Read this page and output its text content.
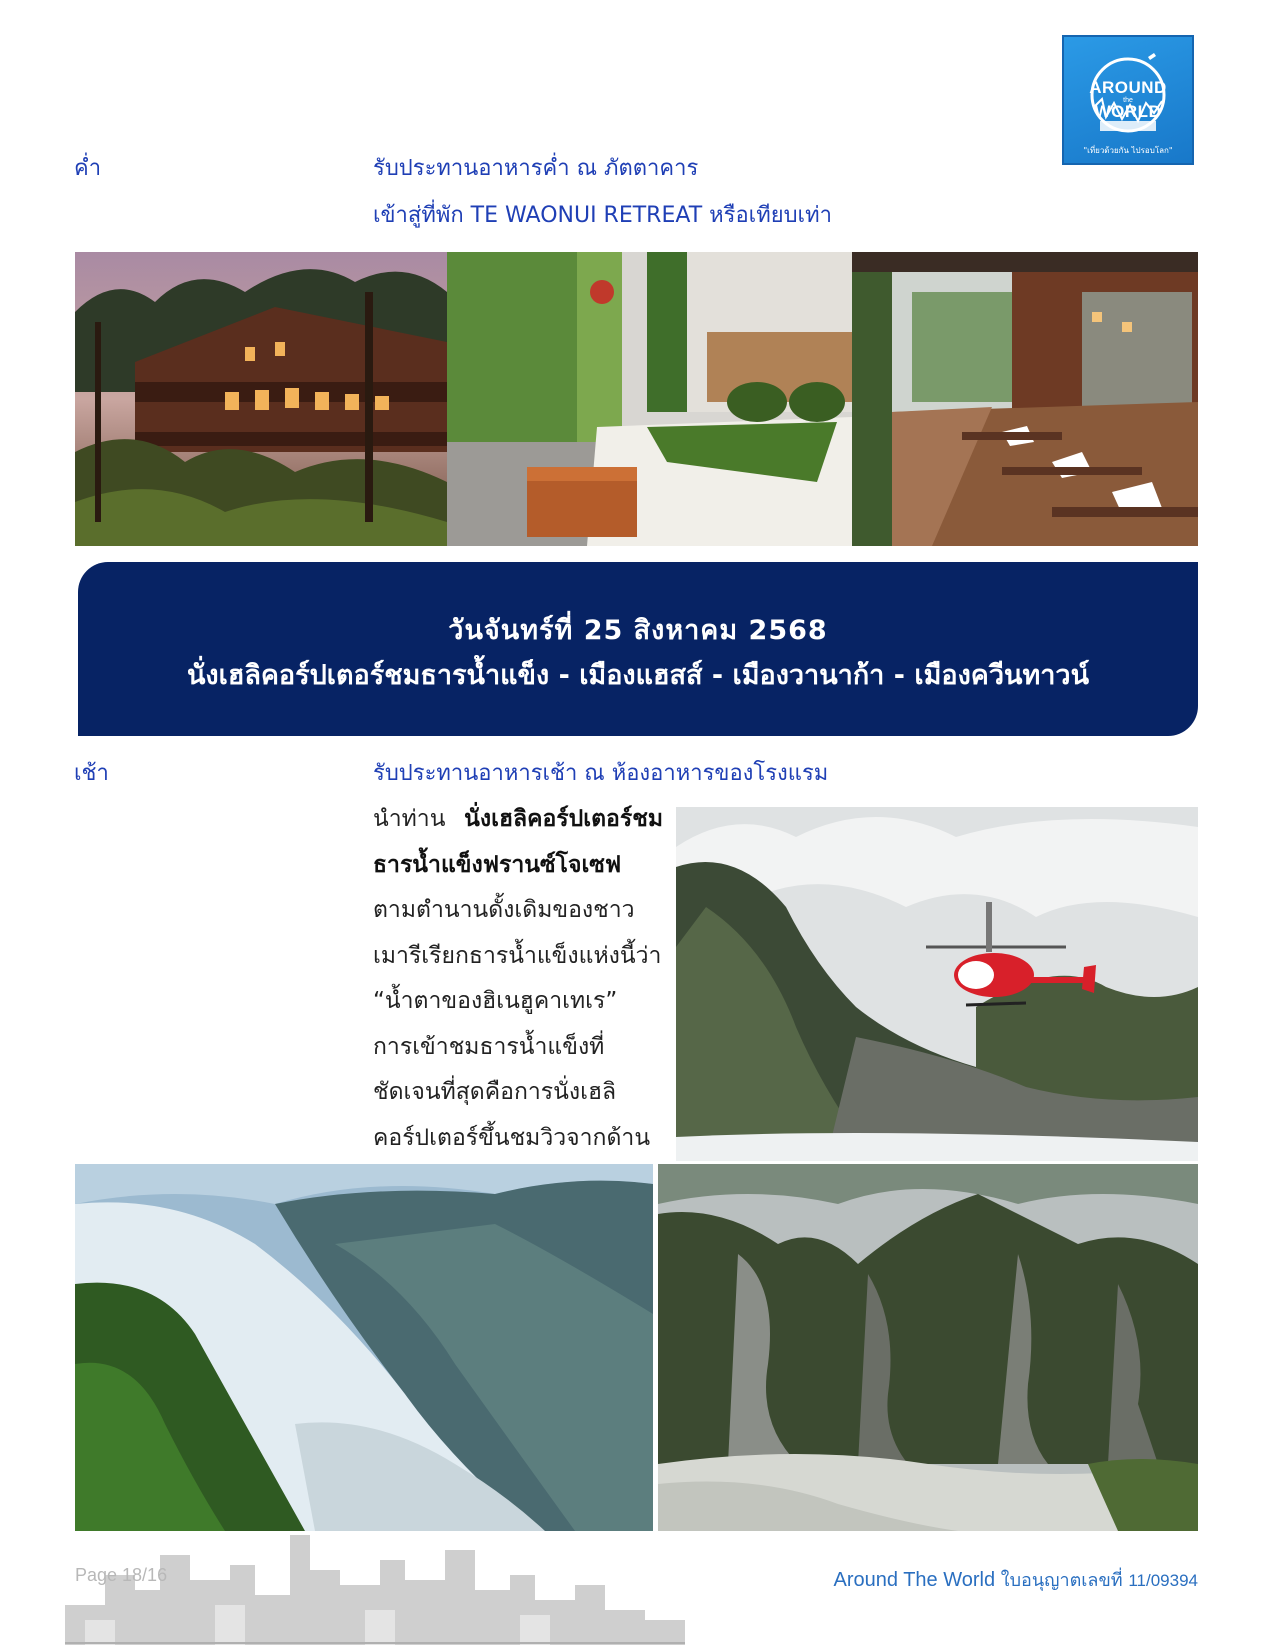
AROUND
the
WORLD
"เที่ยวด้วยกัน ไปรอบโลก"
ค่ำ	รับประทานอาหารค่ำ ณ ภัตตาคาร
เข้าสู่ที่พัก TE WAONUI RETREAT หรือเทียบเท่า
วันจันทร์ที่ 25 สิงหาคม 2568
นั่งเฮลิคอร์ปเตอร์ชมธารน้ำแข็ง - เมืองแฮสส์ - เมืองวานาก้า - เมืองควีนทาวน์
เช้า	รับประทานอาหารเช้า ณ ห้องอาหารของโรงแรม
นำท่าน นั่งเฮลิคอร์ปเตอร์ชมธารน้ำแข็งฟรานซ์โจเซฟ ตามตำนานดั้งเดิมของชาวเมารีเรียกธารน้ำแข็งแห่งนี้ว่า “น้ำตาของฮิเนฮูคาเทเร” การเข้าชมธารน้ำแข็งที่ ชัดเจนที่สุดคือการนั่งเฮลิคอร์ปเตอร์ขึ้นชมวิวจากด้าน
Page 18/16	Around The World ใบอนุญาตเลขที่ 11/09394
